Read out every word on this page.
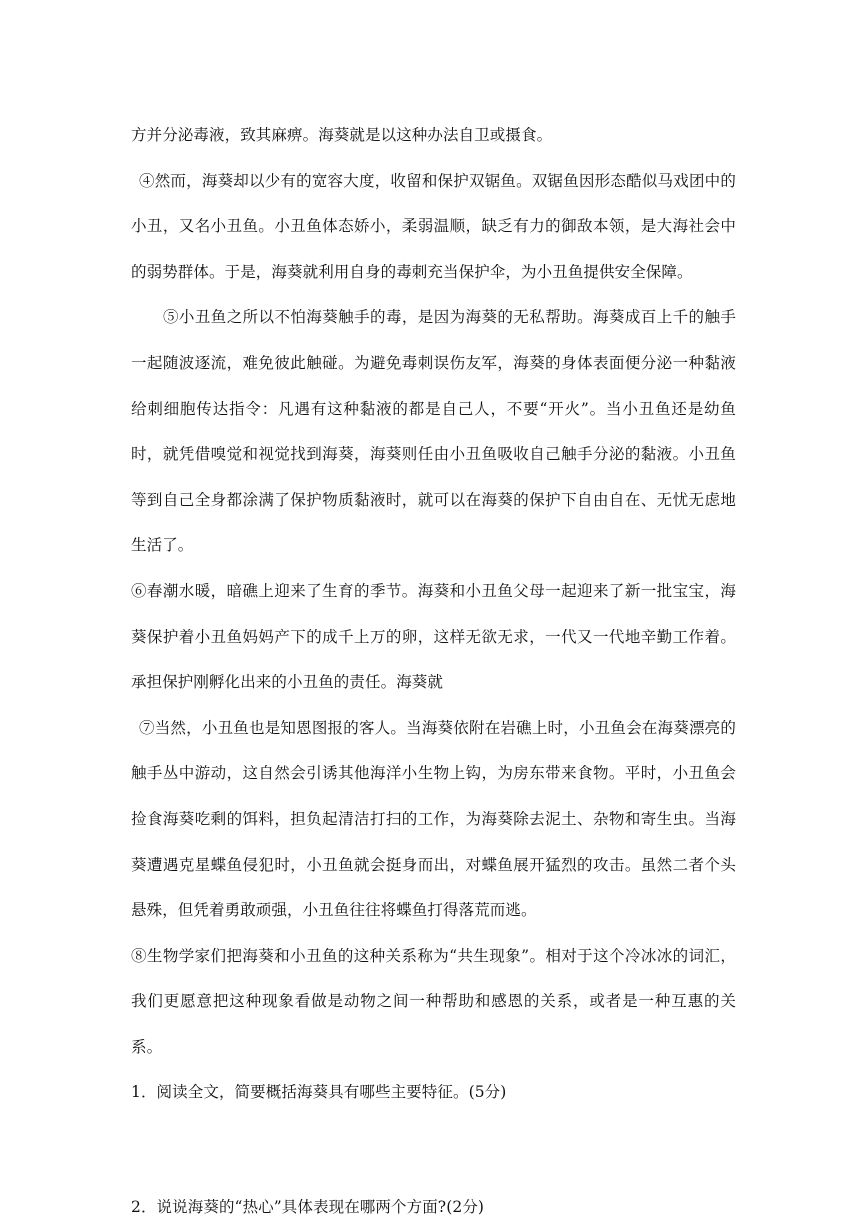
方并分泌毒液，致其麻痹。海葵就是以这种办法自卫或摄食。

④然而，海葵却以少有的宽容大度，收留和保护双锯鱼。双锯鱼因形态酷似马戏团中的小丑，又名小丑鱼。小丑鱼体态娇小，柔弱温顺，缺乏有力的御敌本领，是大海社会中的弱势群体。于是，海葵就利用自身的毒刺充当保护伞，为小丑鱼提供安全保障。

⑤小丑鱼之所以不怕海葵触手的毒，是因为海葵的无私帮助。海葵成百上千的触手一起随波逐流，难免彼此触碰。为避免毒刺误伤友军，海葵的身体表面便分泌一种黏液给刺细胞传达指令：凡遇有这种黏液的都是自己人，不要“开火”。当小丑鱼还是幼鱼时，就凭借嗅觉和视觉找到海葵，海葵则任由小丑鱼吸收自己触手分泌的黏液。小丑鱼等到自己全身都涂满了保护物质黏液时，就可以在海葵的保护下自由自在、无忧无虑地生活了。

⑥春潮水暖，暗礁上迎来了生育的季节。海葵和小丑鱼父母一起迎来了新一批宝宝，海葵保护着小丑鱼妈妈产下的成千上万的卵，这样无欲无求，一代又一代地辛勤工作着。承担保护刚孵化出来的小丑鱼的责任。海葵就

⑦当然，小丑鱼也是知恩图报的客人。当海葵依附在岩礁上时，小丑鱼会在海葵漂亮的触手丛中游动，这自然会引诱其他海洋小生物上钩，为房东带来食物。平时，小丑鱼会捡食海葵吃剩的饵料，担负起清洁打扫的工作，为海葵除去泥土、杂物和寄生虫。当海葵遭遇克星蝶鱼侵犯时，小丑鱼就会挺身而出，对蝶鱼展开猛烈的攻击。虽然二者个头悬殊，但凭着勇敢顽强，小丑鱼往往将蝶鱼打得落荒而逃。

⑧生物学家们把海葵和小丑鱼的这种关系称为“共生现象”。相对于这个冷冰冰的词汇，我们更愿意把这种现象看做是动物之间一种帮助和感恩的关系，或者是一种互惠的关系。

1．阅读全文，简要概括海葵具有哪些主要特征。(5分)

2．说说海葵的“热心”具体表现在哪两个方面?(2分)
